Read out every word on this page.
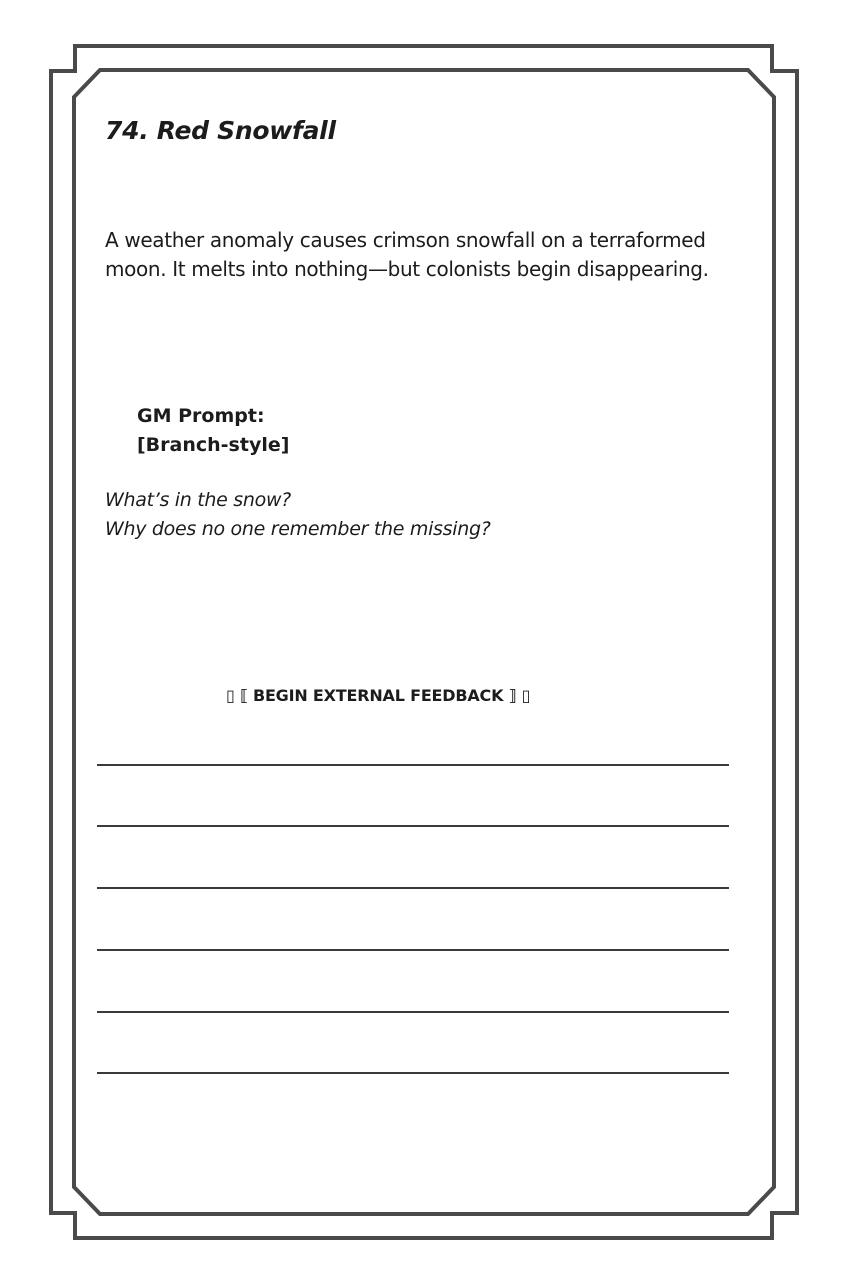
74. Red Snowfall

A weather anomaly causes crimson snowfall on a terraformed moon. It melts into nothing—but colonists begin disappearing.

GM Prompt:
[Branch-style]
What’s in the snow?
Why does no one remember the missing?
▯ ⟦ BEGIN EXTERNAL FEEDBACK ⟧ ▯
